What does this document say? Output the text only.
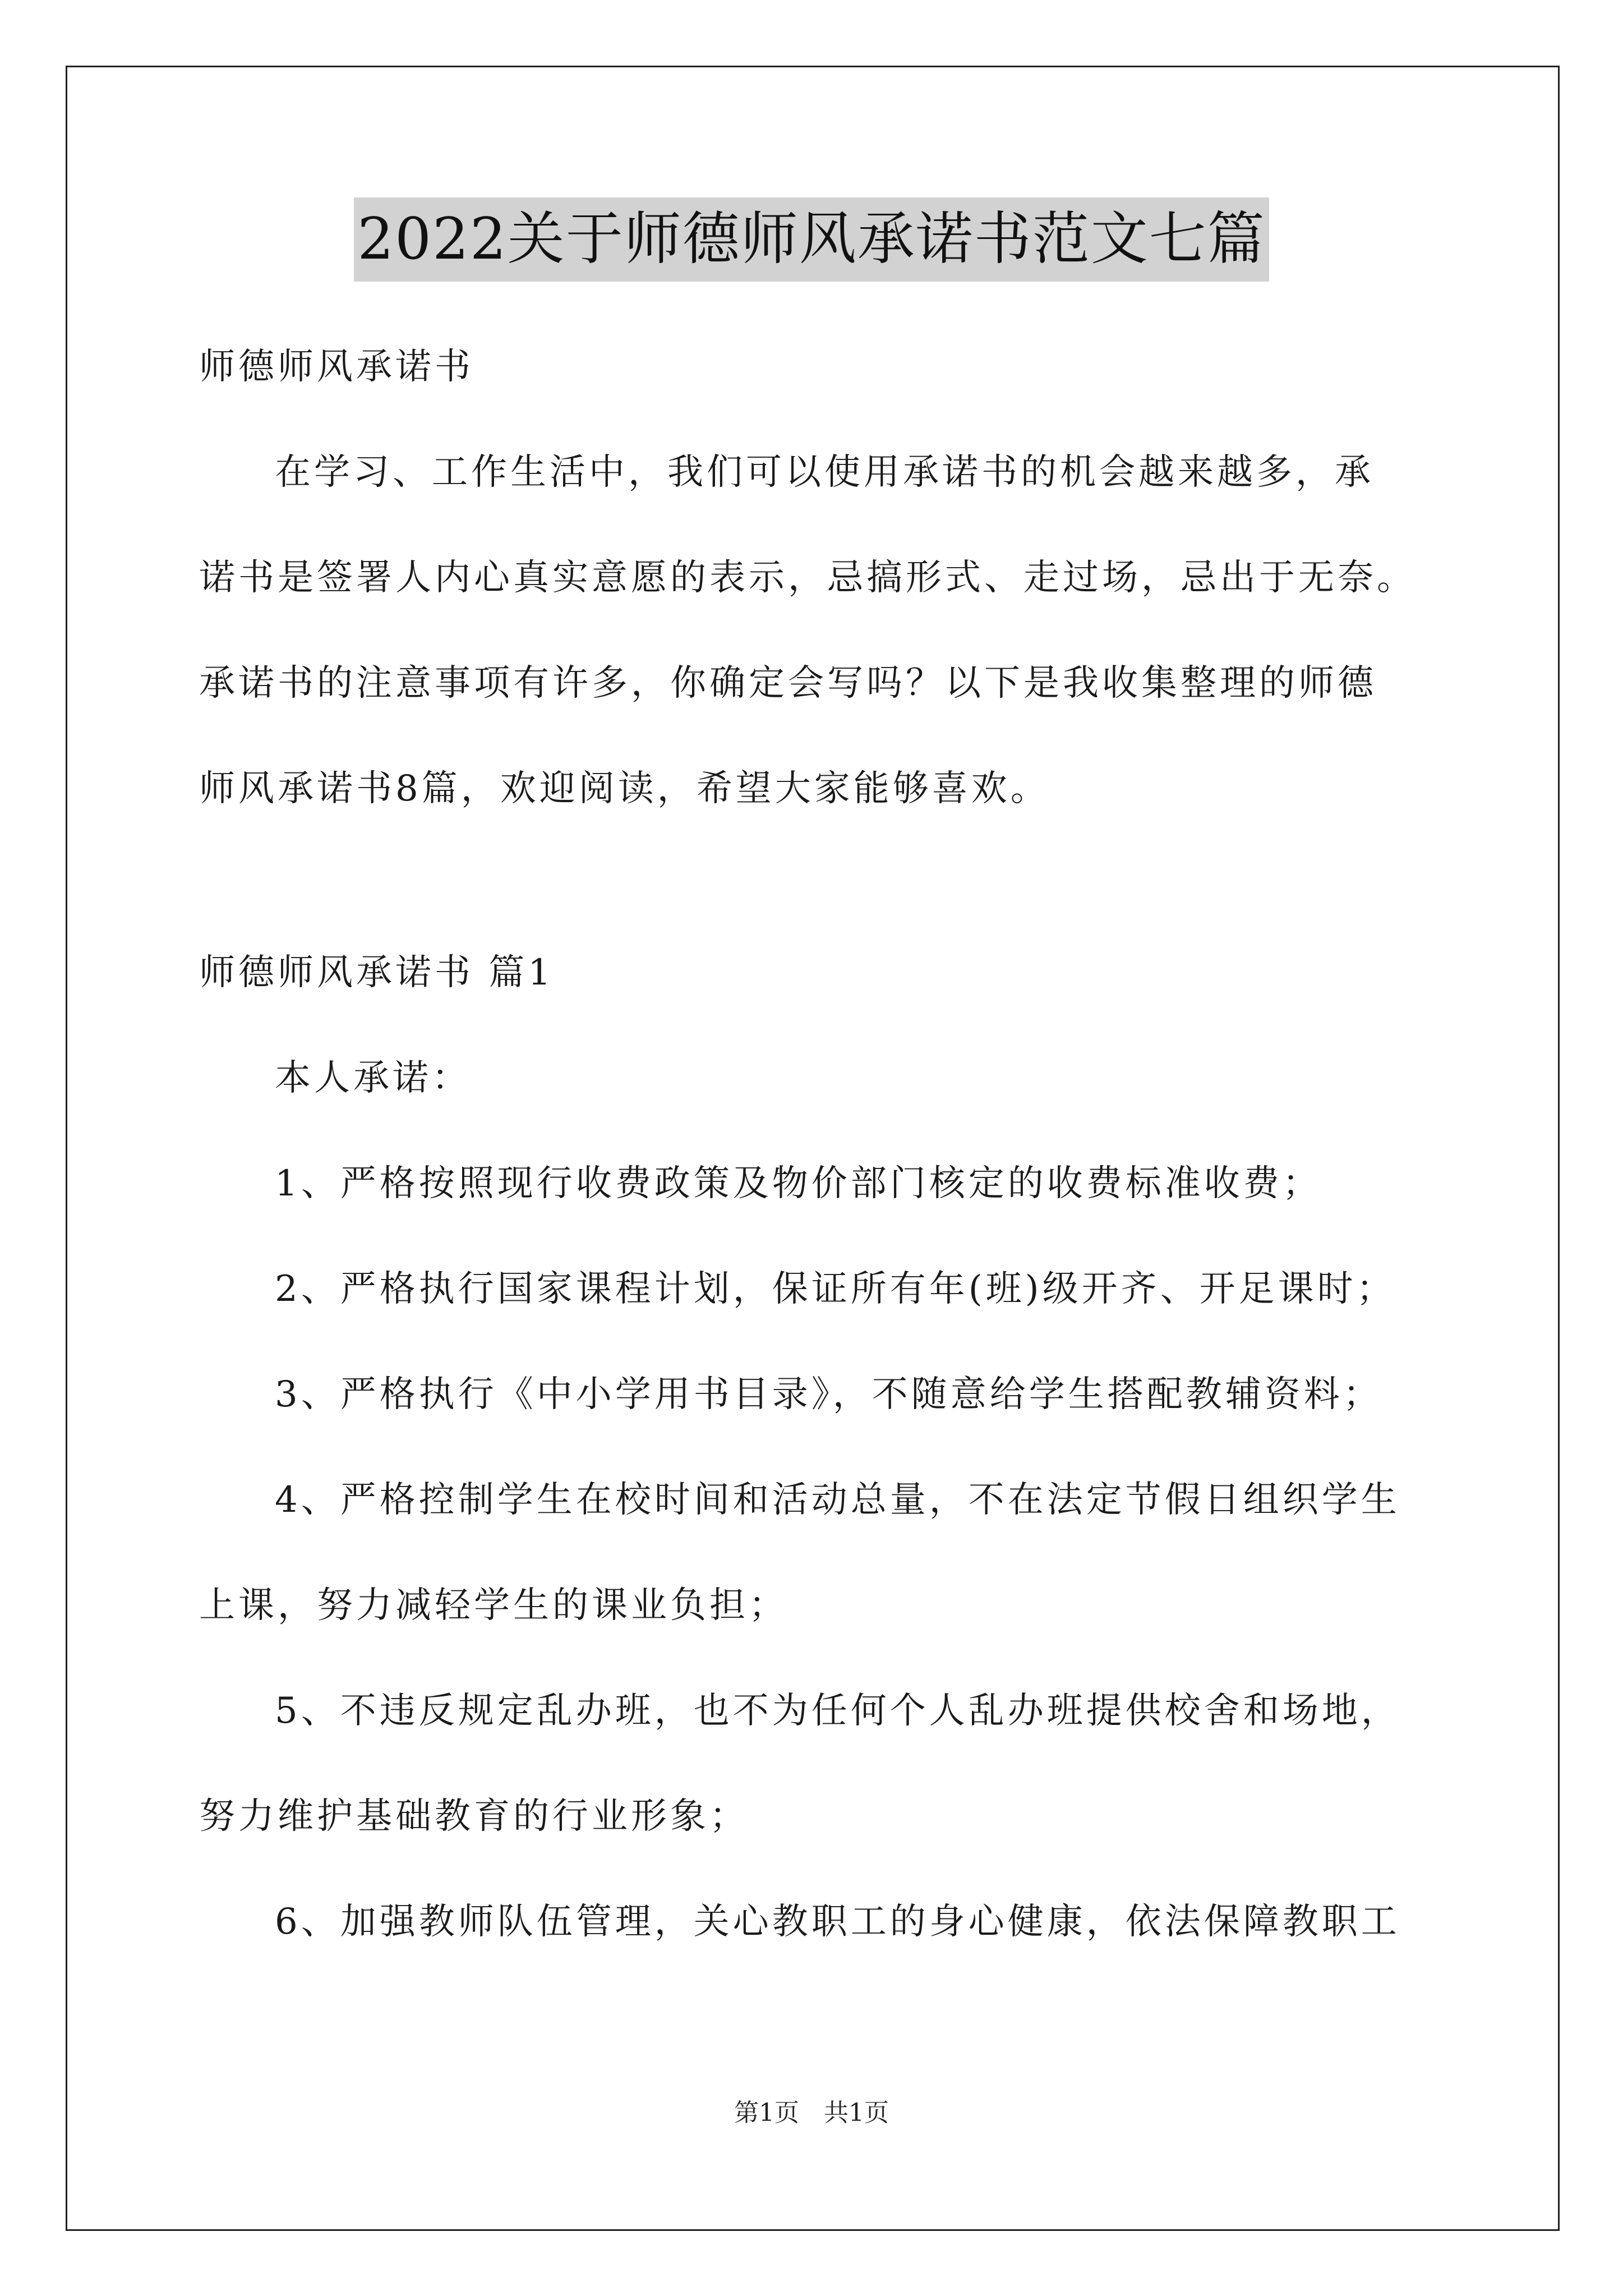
2022关于师德师风承诺书范文七篇
师德师风承诺书
在学习、工作生活中，我们可以使用承诺书的机会越来越多，承
诺书是签署人内心真实意愿的表示，忌搞形式、走过场，忌出于无奈。
承诺书的注意事项有许多，你确定会写吗？以下是我收集整理的师德
师风承诺书8篇，欢迎阅读，希望大家能够喜欢。
师德师风承诺书 篇1
本人承诺：
1、严格按照现行收费政策及物价部门核定的收费标准收费；
2、严格执行国家课程计划，保证所有年(班)级开齐、开足课时；
3、严格执行《中小学用书目录》，不随意给学生搭配教辅资料；
4、严格控制学生在校时间和活动总量，不在法定节假日组织学生
上课，努力减轻学生的课业负担；
5、不违反规定乱办班，也不为任何个人乱办班提供校舍和场地，
努力维护基础教育的行业形象；
6、加强教师队伍管理，关心教职工的身心健康，依法保障教职工
第1页　共1页
